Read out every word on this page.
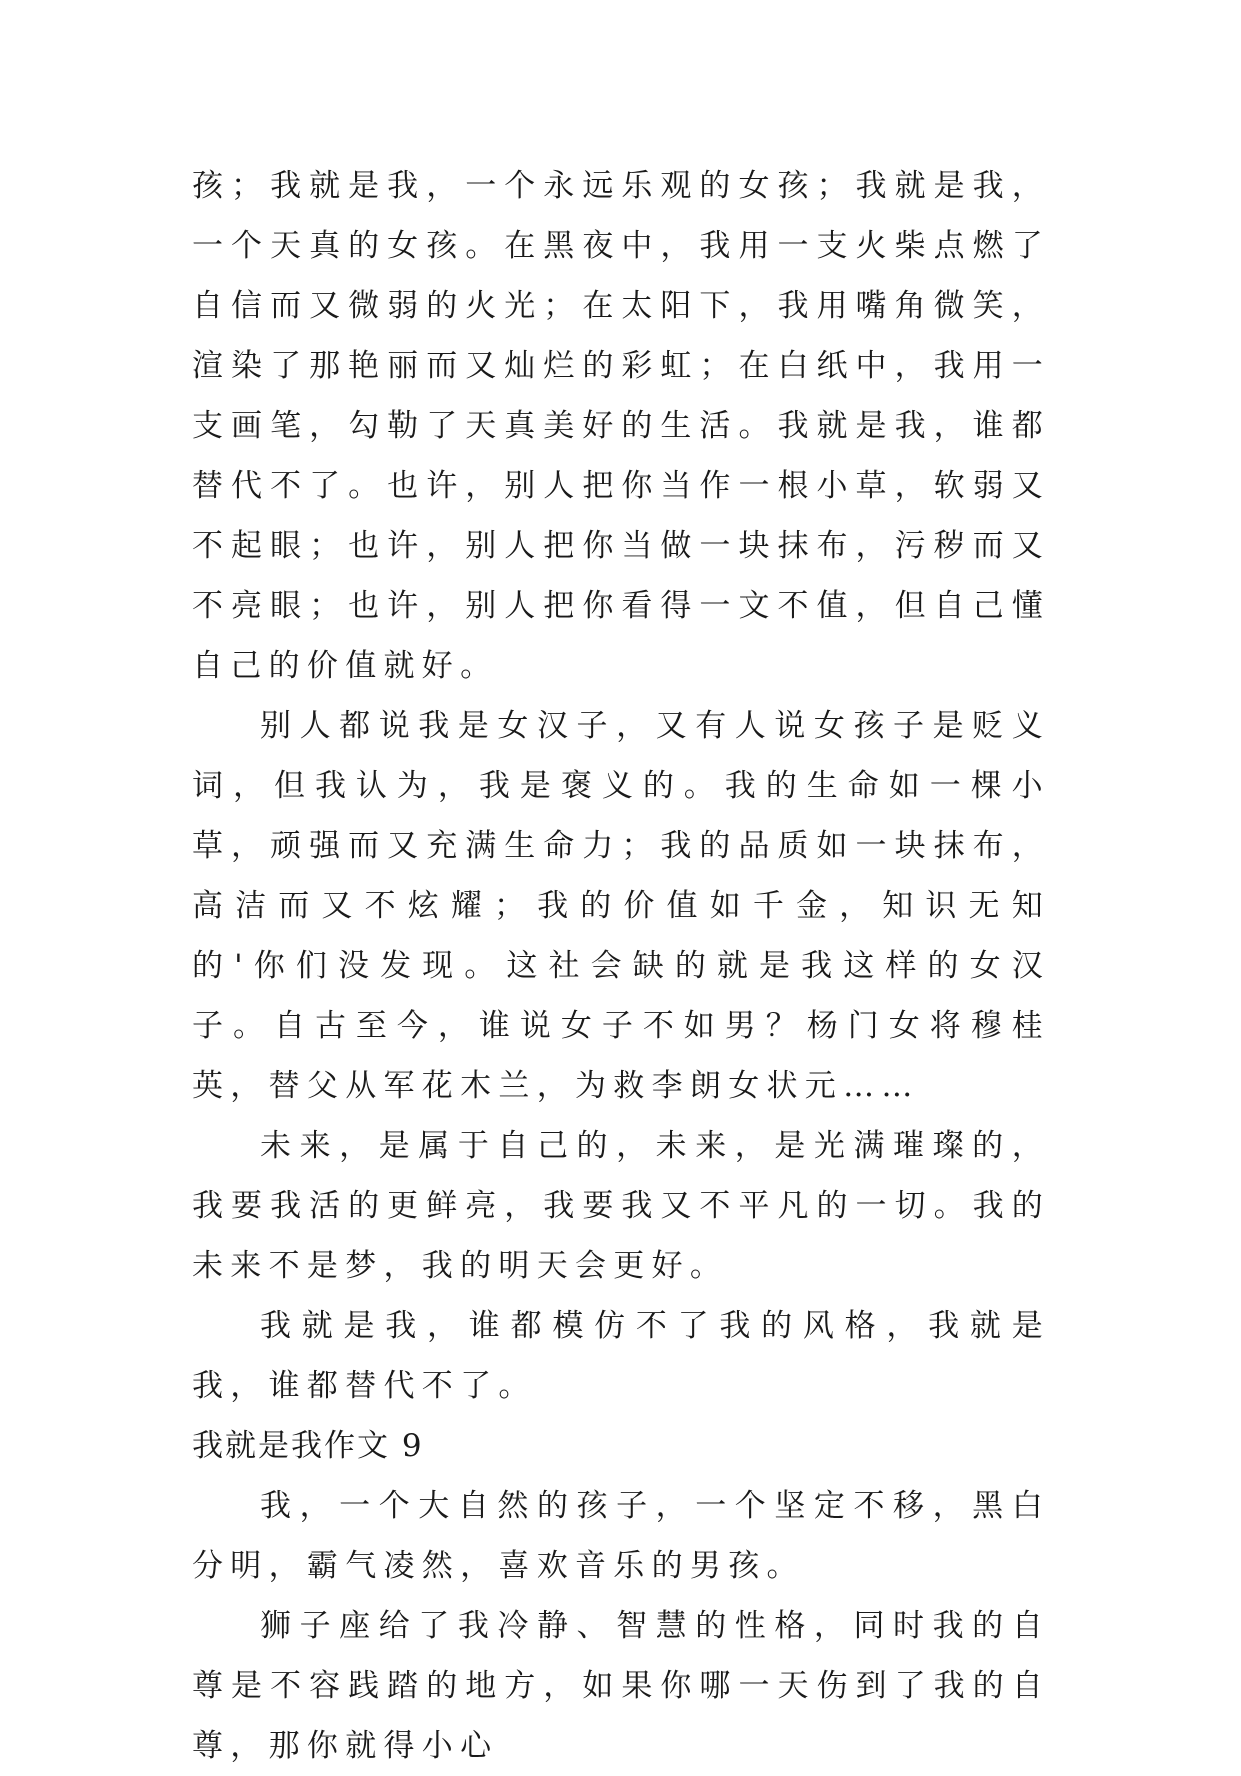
孩；我就是我，一个永远乐观的女孩；我就是我，一个天真的女孩。在黑夜中，我用一支火柴点燃了自信而又微弱的火光；在太阳下，我用嘴角微笑，渲染了那艳丽而又灿烂的彩虹；在白纸中，我用一支画笔，勾勒了天真美好的生活。我就是我，谁都替代不了。也许，别人把你当作一根小草，软弱又不起眼；也许，别人把你当做一块抹布，污秽而又不亮眼；也许，别人把你看得一文不值，但自己懂自己的价值就好。

别人都说我是女汉子，又有人说女孩子是贬义词，但我认为，我是褒义的。我的生命如一棵小草，顽强而又充满生命力；我的品质如一块抹布，高洁而又不炫耀；我的价值如千金，知识无知的'你们没发现。这社会缺的就是我这样的女汉子。自古至今，谁说女子不如男？杨门女将穆桂英，替父从军花木兰，为救李朗女状元……

未来，是属于自己的，未来，是光满璀璨的，我要我活的更鲜亮，我要我又不平凡的一切。我的未来不是梦，我的明天会更好。

我就是我，谁都模仿不了我的风格，我就是我，谁都替代不了。

我就是我作文 9

我，一个大自然的孩子，一个坚定不移，黑白分明，霸气凌然，喜欢音乐的男孩。

狮子座给了我冷静、智慧的性格，同时我的自尊是不容践踏的地方，如果你哪一天伤到了我的自尊，那你就得小心
